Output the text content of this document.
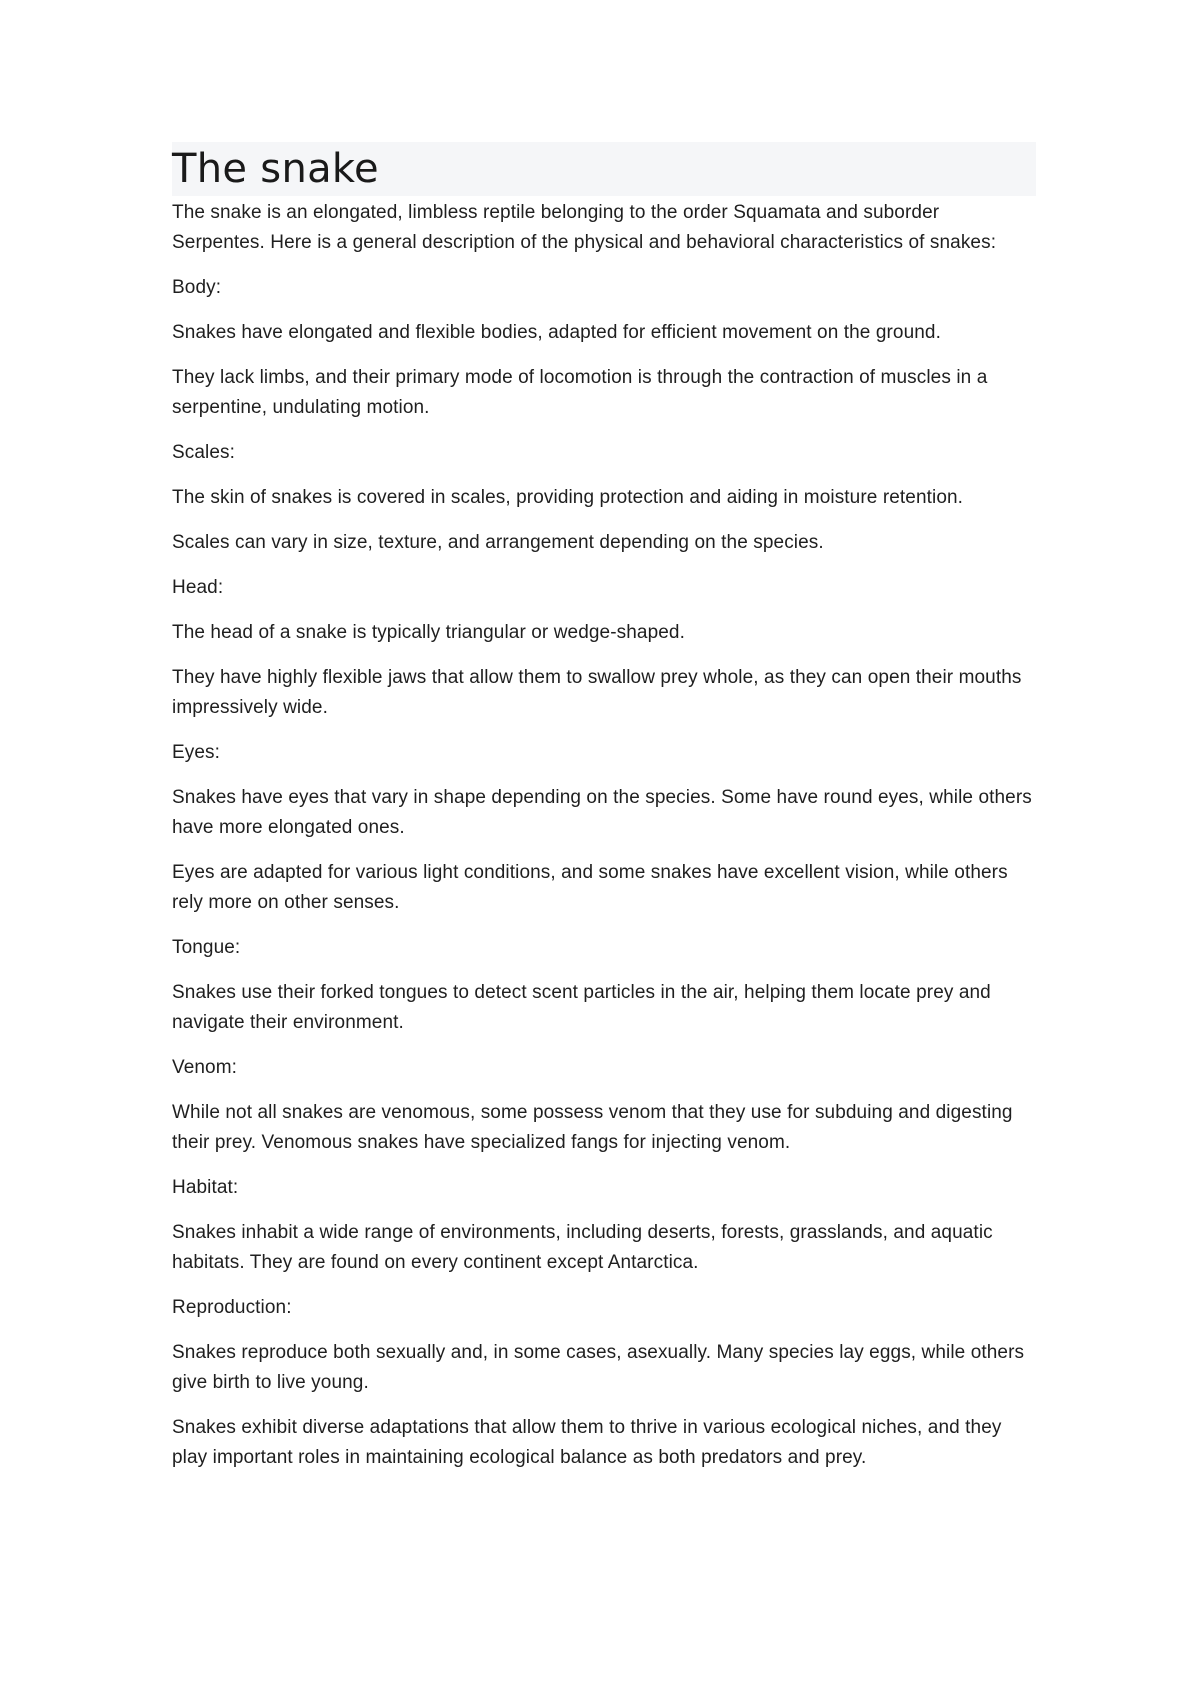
The snake

The snake is an elongated, limbless reptile belonging to the order Squamata and suborder Serpentes. Here is a general description of the physical and behavioral characteristics of snakes:

Body:

Snakes have elongated and flexible bodies, adapted for efficient movement on the ground.

They lack limbs, and their primary mode of locomotion is through the contraction of muscles in a serpentine, undulating motion.

Scales:

The skin of snakes is covered in scales, providing protection and aiding in moisture retention.

Scales can vary in size, texture, and arrangement depending on the species.

Head:

The head of a snake is typically triangular or wedge-shaped.

They have highly flexible jaws that allow them to swallow prey whole, as they can open their mouths impressively wide.

Eyes:

Snakes have eyes that vary in shape depending on the species. Some have round eyes, while others have more elongated ones.

Eyes are adapted for various light conditions, and some snakes have excellent vision, while others rely more on other senses.

Tongue:

Snakes use their forked tongues to detect scent particles in the air, helping them locate prey and navigate their environment.

Venom:

While not all snakes are venomous, some possess venom that they use for subduing and digesting their prey. Venomous snakes have specialized fangs for injecting venom.

Habitat:

Snakes inhabit a wide range of environments, including deserts, forests, grasslands, and aquatic habitats. They are found on every continent except Antarctica.

Reproduction:

Snakes reproduce both sexually and, in some cases, asexually. Many species lay eggs, while others give birth to live young.

Snakes exhibit diverse adaptations that allow them to thrive in various ecological niches, and they play important roles in maintaining ecological balance as both predators and prey.
